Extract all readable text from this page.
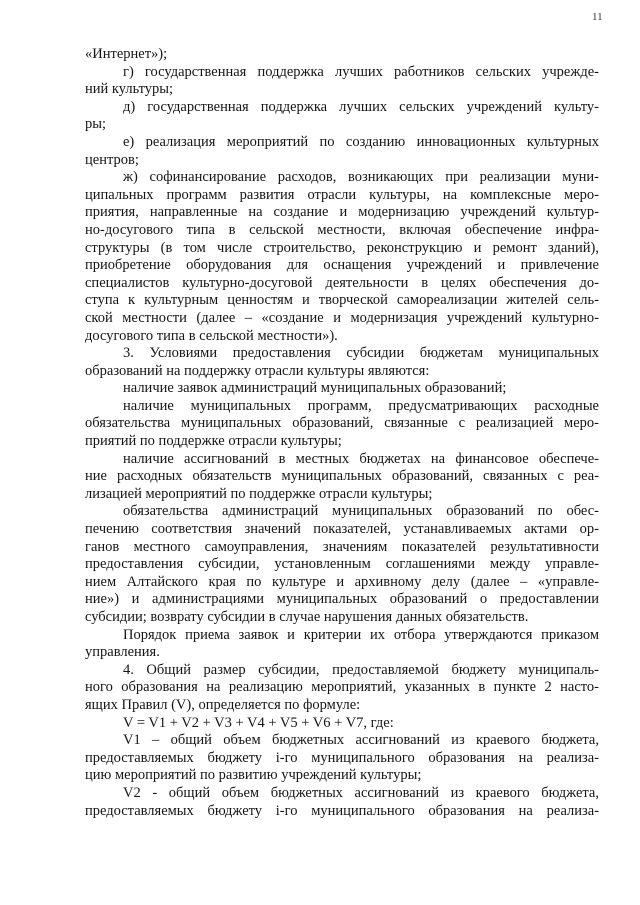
11
«Интернет»);
г) государственная поддержка лучших работников сельских учрежде-
ний культуры;
д) государственная поддержка лучших сельских учреждений культу-
ры;
е) реализация мероприятий по созданию инновационных культурных
центров;
ж) софинансирование расходов, возникающих при реализации муни-
ципальных программ развития отрасли культуры, на комплексные меро-
приятия, направленные на создание и модернизацию учреждений культур-
но-досугового типа в сельской местности, включая обеспечение инфра-
структуры (в том числе строительство, реконструкцию и ремонт зданий),
приобретение оборудования для оснащения учреждений и привлечение
специалистов культурно-досуговой деятельности в целях обеспечения до-
ступа к культурным ценностям и творческой самореализации жителей сель-
ской местности (далее – «создание и модернизация учреждений культурно-
досугового типа в сельской местности»).
3. Условиями предоставления субсидии бюджетам муниципальных
образований на поддержку отрасли культуры являются:
наличие заявок администраций муниципальных образований;
наличие муниципальных программ, предусматривающих расходные
обязательства муниципальных образований, связанные с реализацией меро-
приятий по поддержке отрасли культуры;
наличие ассигнований в местных бюджетах на финансовое обеспече-
ние расходных обязательств муниципальных образований, связанных с реа-
лизацией мероприятий по поддержке отрасли культуры;
обязательства администраций муниципальных образований по обес-
печению соответствия значений показателей, устанавливаемых актами ор-
ганов местного самоуправления, значениям показателей результативности
предоставления субсидии, установленным соглашениями между управле-
нием Алтайского края по культуре и архивному делу (далее – «управле-
ние») и администрациями муниципальных образований о предоставлении
субсидии; возврату субсидии в случае нарушения данных обязательств.
Порядок приема заявок и критерии их отбора утверждаются приказом
управления.
4. Общий размер субсидии, предоставляемой бюджету муниципаль-
ного образования на реализацию мероприятий, указанных в пункте 2 насто-
ящих Правил (V), определяется по формуле:
V = V1 + V2 + V3 + V4 + V5 + V6 + V7, где:
V1 – общий объем бюджетных ассигнований из краевого бюджета,
предоставляемых бюджету i-го муниципального образования на реализа-
цию мероприятий по развитию учреждений культуры;
V2 - общий объем бюджетных ассигнований из краевого бюджета,
предоставляемых бюджету i-го муниципального образования на реализа-
